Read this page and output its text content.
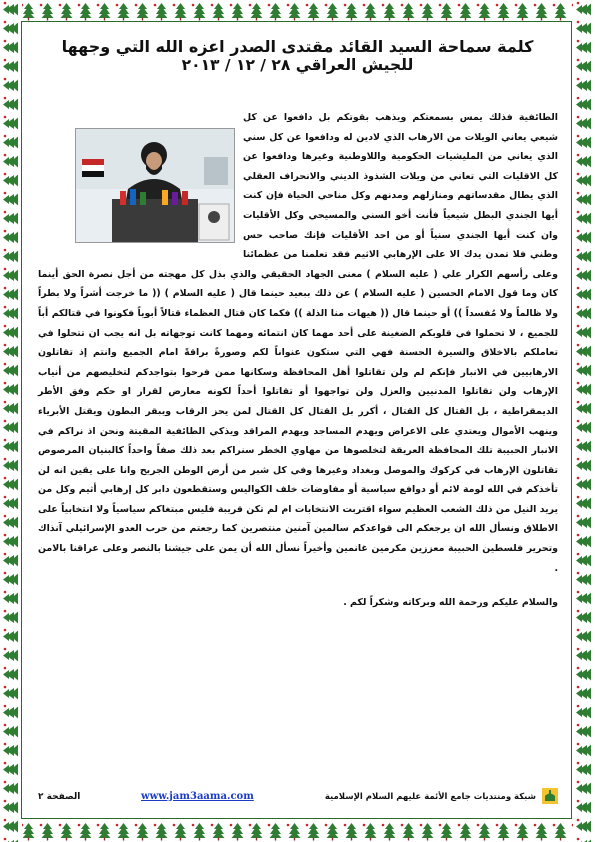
كلمة سماحة السيد القائد مقتدى الصدر اعزه الله التي وجهها
للجيش العراقي ٢٨ / ١٢ / ٢٠١٣

الطائفية فذلك يمس بسمعتكم ويذهب بقوتكم بل دافعوا عن كل شيعي يعاني الويلات من الارهاب الذي لادين له ودافعوا عن كل سني الذي يعاني من المليشيات الحكومية واللاوطنية وغيرها ودافعوا عن كل الاقليات التي تعاني من ويلات الشذوذ الديني والانحراف العقلي الذي يطال مقدساتهم ومنازلهم ومدنهم وكل مناحي الحياة فإن كنت أيها الجندي البطل شيعياً فأنت أخو السني والمسيحي وكل الأقليات وان كنت أيها الجندي سنياً أو من احد الأقليات فإنك صاحب حس وطني فلا تمدن يدك الا على الإرهابي الاثيم فقد تعلمنا من عظمائنا وعلى رأسهم الكرار علي ( عليه السلام ) معنى الجهاد الحقيقي والذي بذل كل مهجته من أجل نصرة الحق أينما كان وما قول الامام الحسين ( عليه السلام ) عن ذلك ببعيد حينما قال ( عليه السلام ) (( ما خرجت أشراً ولا بطراً ولا ظالماً ولا مُفسداً )) أو حينما قال (( هيهات منا الذلة )) فكما كان قتال العظماء قتالاً أبوياً فكونوا في قتالكم أباً للجميع ، لا تحملوا في قلوبكم الضغينة على أحد مهما كان انتمائه ومهما كانت توجهاته بل انه يجب ان تتحلوا في تعاملكم بالاخلاق والسيرة الحسنة فهي التي ستكون عنواناً لكم وصورةً براقةً امام الجميع وانتم إذ تقاتلون الارهابيين في الانبار فإنكم لم ولن تقاتلوا أهل المحافظة وسكانها ممن فرحوا بتواجدكم لتخليصهم من أنياب الإرهاب ولن تقاتلوا المدنيين والعزل ولن تواجهوا أو تقاتلوا أحداً لكونه معارض لقرار او حكم وفق الأطر الديمقراطية ، بل القتال كل القتال ، أكرر بل القتال كل القتال لمن يحز الرقاب ويبقر البطون ويقتل الأبرياء وينهب الأموال ويعتدي على الاعراض ويهدم المساجد ويهدم المراقد ويذكي الطائفية المقيتة ونحن اذ نراكم في الانبار الحبيبة تلك المحافظة العريقة لتخلصوها من مهاوي الخطر سنراكم بعد ذلك صفاً واحداً كالبنيان المرصوص تقاتلون الإرهاب في كركوك والموصل وبغداد وغيرها وفي كل شبر من أرض الوطن الجريح وانا على يقين انه لن تأخذكم في الله لومة لائم أو دوافع سياسية أو مفاوضات خلف الكواليس وستقطعون دابر كل إرهابي أثيم وكل من يريد النيل من ذلك الشعب العظيم سواء اقتربت الانتخابات ام لم تكن قريبة فليس مبتغاكم سياسياً ولا انتخابياً على الاطلاق ونسأل الله ان يرجعكم الى قواعدكم سالمين آمنين منتصرين كما رجعتم من حرب العدو الإسرائيلي آنذاك وتحرير فلسطين الحبيبة معززين مكرمين غانمين وأخيراً نسأل الله أن يمن على جيشنا بالنصر وعلى عراقنا بالامن .

والسلام عليكم ورحمة الله وبركاته وشكراً لكم .

شبكة ومنتديات جامع الأئمة عليهم السلام الإسلامية
www.jam3aama.com
الصفحة ٢
